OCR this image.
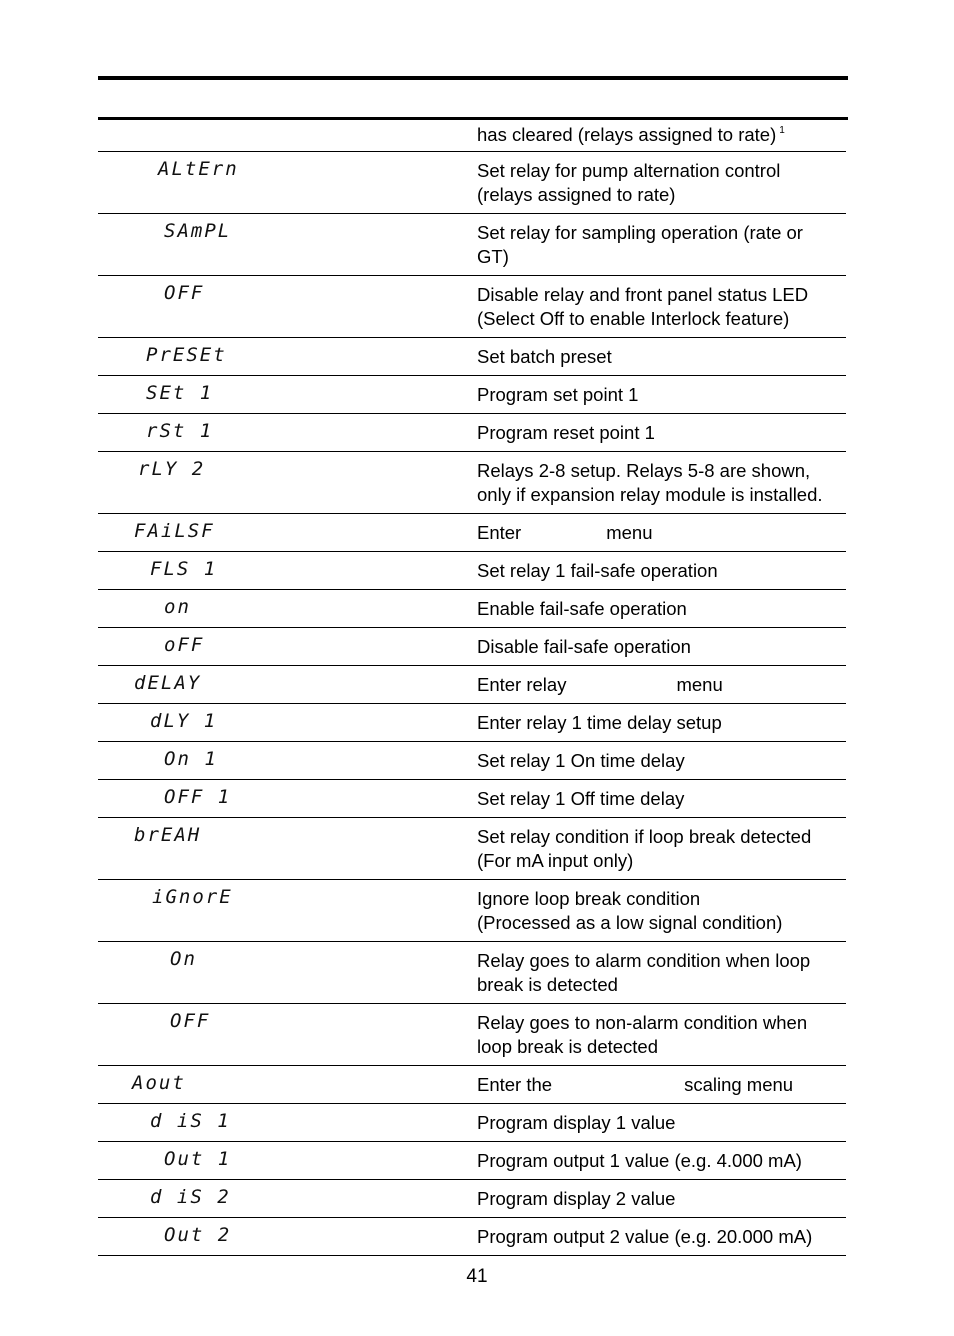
has cleared (relays assigned to rate) $^1$
ALtErn	Set relay for pump alternation control
(relays assigned to rate)
SAmPL	Set relay for sampling operation (rate or
GT)
OFF	Disable relay and front panel status LED
(Select Off to enable Interlock feature)
PrESEt	Set batch preset
SEt 1	Program set point 1
rSt 1	Program reset point 1
rLY 2	Relays 2-8 setup. Relays 5-8 are shown,
only if expansion relay module is installed.
FAiLSF	Enter	menu
FLS 1	Set relay 1 fail-safe operation
on	Enable fail-safe operation
oFF	Disable fail-safe operation
dELAY	Enter relay	menu
dLY 1	Enter relay 1 time delay setup
On 1	Set relay 1 On time delay
OFF 1	Set relay 1 Off time delay
brEAH	Set relay condition if loop break detected
(For mA input only)
iGnorE	Ignore loop break condition
(Processed as a low signal condition)
On	Relay goes to alarm condition when loop
break is detected
OFF	Relay goes to non-alarm condition when
loop break is detected
Aout	Enter the	scaling menu
d iS 1	Program display 1 value
Out 1	Program output 1 value (e.g. 4.000 mA)
d iS 2	Program display 2 value
Out 2	Program output 2 value (e.g. 20.000 mA)
41
